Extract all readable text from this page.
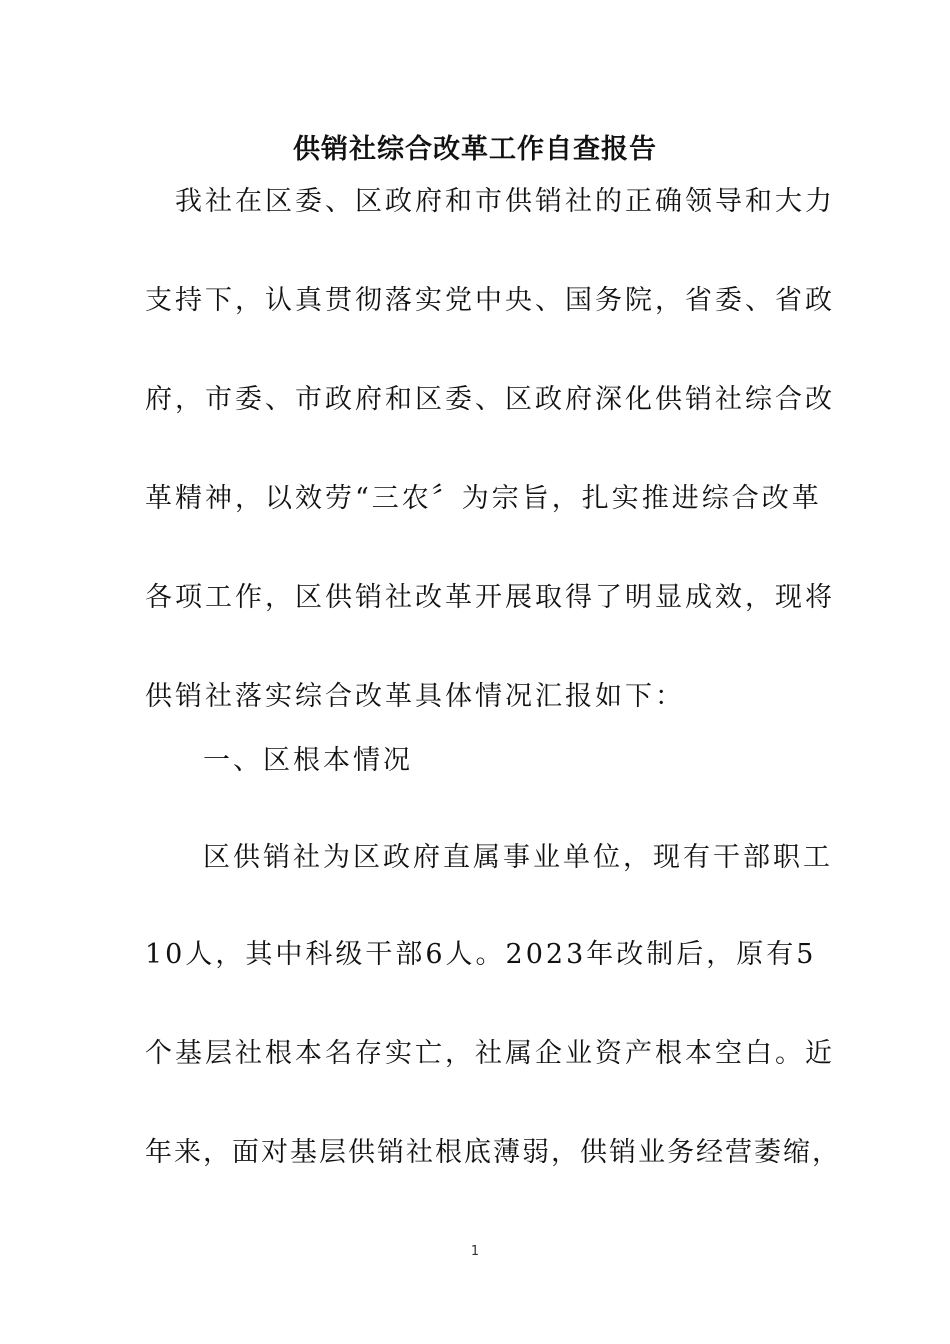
供销社综合改革工作自查报告
我社在区委、区政府和市供销社的正确领导和大力
支持下，认真贯彻落实党中央、国务院，省委、省政
府，市委、市政府和区委、区政府深化供销社综合改
革精神，以效劳“三农〞为宗旨，扎实推进综合改革
各项工作，区供销社改革开展取得了明显成效，现将
供销社落实综合改革具体情况汇报如下：
一、区根本情况
区供销社为区政府直属事业单位，现有干部职工
10人，其中科级干部6人。2023年改制后，原有5
个基层社根本名存实亡，社属企业资产根本空白。近
年来，面对基层供销社根底薄弱，供销业务经营萎缩，
1
